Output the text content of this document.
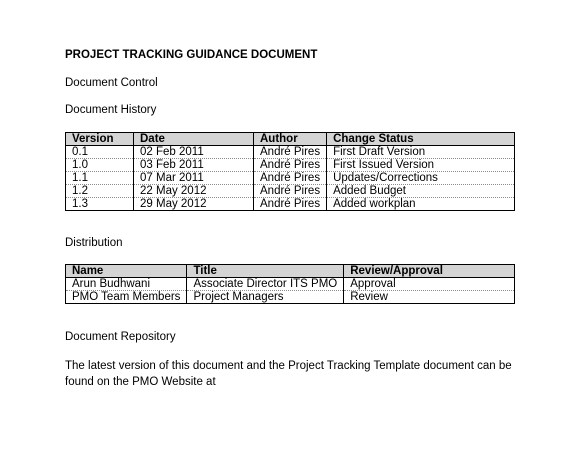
PROJECT TRACKING GUIDANCE DOCUMENT
Document Control
Document History
Version	Date	Author	Change Status
0.1	02 Feb 2011	André Pires	First Draft Version
1.0	03 Feb 2011	André Pires	First Issued Version
1.1	07 Mar 2011	André Pires	Updates/Corrections
1.2	22 May 2012	André Pires	Added Budget
1.3	29 May 2012	André Pires	Added workplan
Distribution
Name	Title	Review/Approval
Arun Budhwani	Associate Director ITS PMO	Approval
PMO Team Members	Project Managers	Review
Document Repository
The latest version of this document and the Project Tracking Template document can be found on the PMO Website at
